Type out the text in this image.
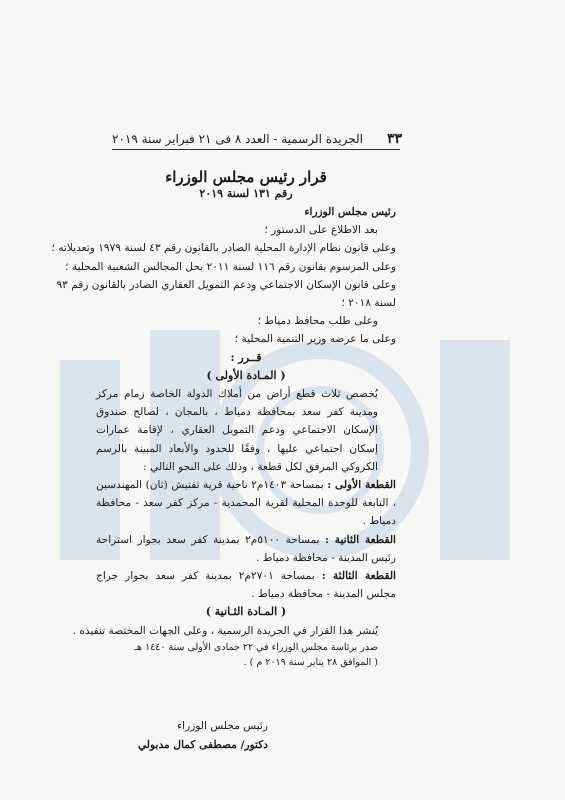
٣٣
الجريدة الرسمية - العدد ٨ فى ٢١ فبراير سنة ٢٠١٩
قرار رئيس مجلس الوزراء
رقم ١٣١ لسنة ٢٠١٩
رئيس مجلس الوزراء
بعد الاطلاع على الدستور ؛
وعلى قانون نظام الإدارة المحلية الصادر بالقانون رقم ٤٣ لسنة ١٩٧٩ وتعديلاته ؛
وعلى المرسوم بقانون رقم ١١٦ لسنة ٢٠١١ بحل المجالس الشعبية المحلية ؛
وعلى قانون الإسكان الاجتماعي ودعم التمويل العقاري الصادر بالقانون رقم ٩٣
لسنة ٢٠١٨ ؛
وعلى طلب محافظ دمياط ؛
وعلى ما عرضه وزير التنمية المحلية ؛
قــرر :
( المـادة الأولى )
يُخصص ثلاث قطع أراض من أملاك الدولة الخاصة زمام مركز ومدينة كفر سعد بمحافظة دمياط ، بالمجان ، لصالح صندوق الإسكان الاجتماعي ودعم التمويل العقاري ، لإقامة عمارات إسكان اجتماعي عليها ، وفقًا للحدود والأبعاد المبينة بالرسم الكروكي المرفق لكل قطعة ، وذلك على النحو التالي :
القطعة الأولى : بمساحة ١٤٠٣م٢ ناحية قرية تفتيش (ثان) المهندسين ، التابعة للوحدة المحلية لقرية المحمدية - مركز كفر سعد - محافظة دمياط .
القطعة الثانية : بمساحة ٥١٠٠م٢ بمدينة كفر سعد بجوار استراحة رئيس المدينة - محافظة دمياط .
القطعة الثالثة : بمساحة ٢٧٠١م٢ بمدينة كفر سعد بجوار جراج مجلس المدينة - محافظة دمياط .
( المـادة الثـانية )
يُنشر هذا القرار في الجريدة الرسمية ، وعلى الجهات المختصة تنفيذه .
صدر برئاسة مجلس الوزراء في ٢٢ جمادى الأولى سنة ١٤٤٠ هـ
( الموافق ٢٨ يناير سنة ٢٠١٩ م ) .
رئيس مجلس الوزراء
دكتور/ مصطفى كمال مدبولي
